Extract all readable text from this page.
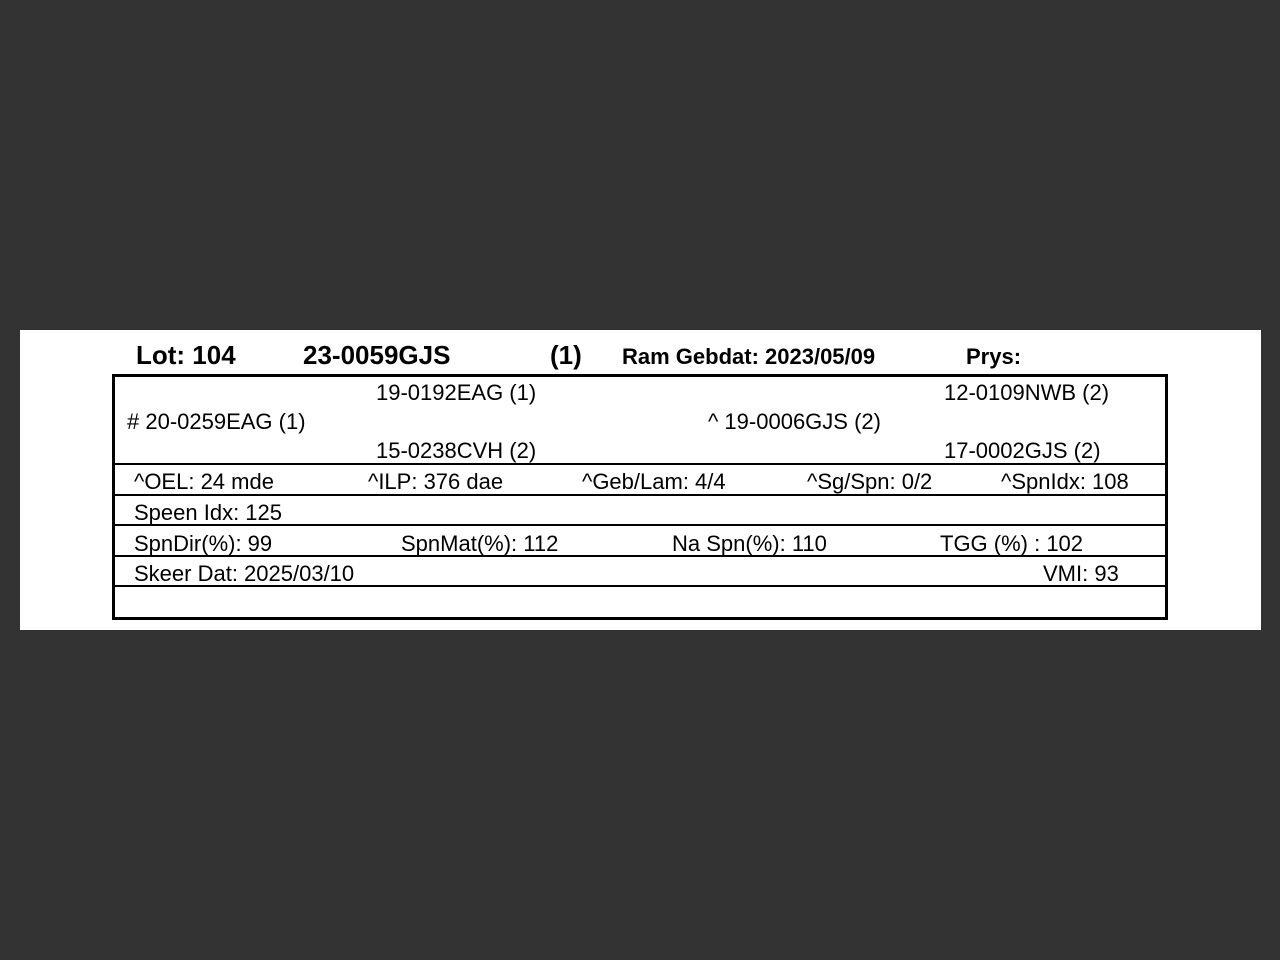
Lot: 104	23-0059GJS	(1) Ram Gebdat: 2023/05/09	Prys:
19-0192EAG (1)	12-0109NWB (2)
# 20-0259EAG (1)	^ 19-0006GJS (2)
15-0238CVH (2)	17-0002GJS (2)
^OEL: 24 mde	^ILP: 376 dae	^Geb/Lam: 4/4	^Sg/Spn: 0/2	^SpnIdx: 108
Speen Idx: 125
SpnDir(%): 99	SpnMat(%): 112	Na Spn(%): 110	TGG (%) : 102
Skeer Dat: 2025/03/10	VMI: 93
